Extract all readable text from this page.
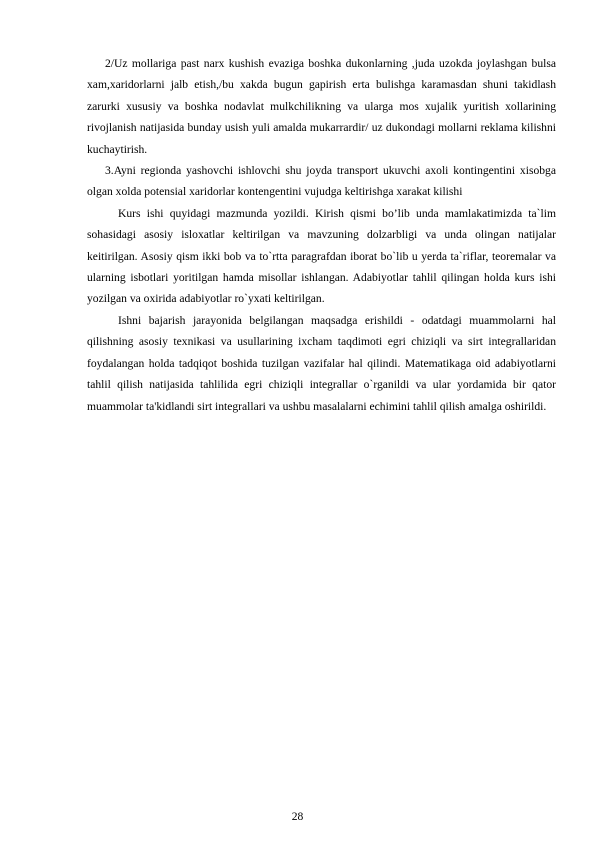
2/Uz mollariga past narx kushish evaziga boshka dukonlarning ,juda uzokda joylashgan bulsa xam,xaridorlarni jalb etish,/bu xakda bugun gapirish erta bulishga karamasdan shuni takidlash zarurki xususiy va boshka nodavlat mulkchilikning va ularga mos xujalik yuritish xollarining rivojlanish natijasida bunday usish yuli amalda mukarrardir/ uz dukondagi mollarni reklama kilishni kuchaytirish.

3.Ayni regionda yashovchi ishlovchi shu joyda transport ukuvchi axoli kontingentini xisobga olgan xolda potensial xaridorlar kontengentini vujudga keltirishga xarakat kilishi

Kurs ishi quyidagi mazmunda yozildi. Kirish qismi bo’lib unda mamlakatimizda ta`lim sohasidagi asosiy isloxatlar keltirilgan va mavzuning dolzarbligi va unda olingan natijalar keitirilgan. Asosiy qism ikki bob va to`rtta paragrafdan iborat bo`lib u yerda ta`riflar, teoremalar va ularning isbotlari yoritilgan hamda misollar ishlangan. Adabiyotlar tahlil qilingan holda kurs ishi yozilgan va oxirida adabiyotlar ro`yxati keltirilgan.

Ishni bajarish jarayonida belgilangan maqsadga erishildi - odatdagi muammolarni hal qilishning asosiy texnikasi va usullarining ixcham taqdimoti egri chiziqli va sirt integrallaridan foydalangan holda tadqiqot boshida tuzilgan vazifalar hal qilindi. Matematikaga oid adabiyotlarni tahlil qilish natijasida tahlilida egri chiziqli integrallar o`rganildi va ular yordamida bir qator muammolar ta'kidlandi sirt integrallari va ushbu masalalarni echimini tahlil qilish amalga oshirildi.

28
